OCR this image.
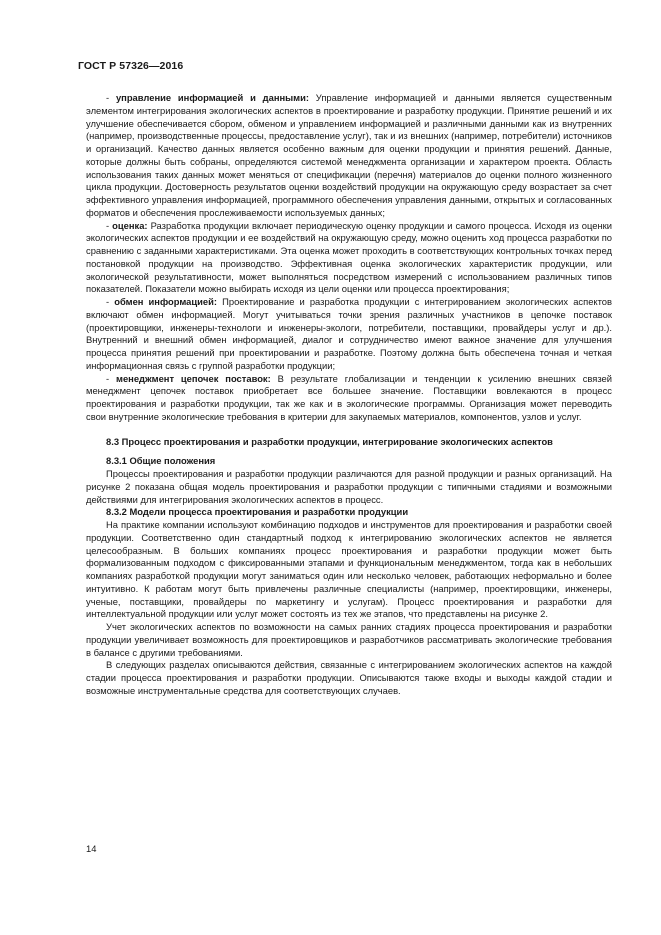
ГОСТ Р 57326—2016

- управление информацией и данными: Управление информацией и данными является существенным элементом интегрирования экологических аспектов в проектирование и разработку продукции. Принятие решений и их улучшение обеспечивается сбором, обменом и управлением информацией и различными данными как из внутренних (например, производственные процессы, предоставление услуг), так и из внешних (например, потребители) источников и организаций. Качество данных является особенно важным для оценки продукции и принятия решений. Данные, которые должны быть собраны, определяются системой менеджмента организации и характером проекта. Область использования таких данных может меняться от спецификации (перечня) материалов до оценки полного жизненного цикла продукции. Достоверность результатов оценки воздействий продукции на окружающую среду возрастает за счет эффективного управления информацией, программного обеспечения управления данными, открытых и согласованных форматов и обеспечения прослеживаемости используемых данных;

- оценка: Разработка продукции включает периодическую оценку продукции и самого процесса. Исходя из оценки экологических аспектов продукции и ее воздействий на окружающую среду, можно оценить ход процесса разработки по сравнению с заданными характеристиками. Эта оценка может проходить в соответствующих контрольных точках перед постановкой продукции на производство. Эффективная оценка экологических характеристик продукции, или экологической результативности, может выполняться посредством измерений с использованием различных типов показателей. Показатели можно выбирать исходя из цели оценки или процесса проектирования;

- обмен информацией: Проектирование и разработка продукции с интегрированием экологических аспектов включают обмен информацией. Могут учитываться точки зрения различных участников в цепочке поставок (проектировщики, инженеры-технологи и инженеры-экологи, потребители, поставщики, провайдеры услуг и др.). Внутренний и внешний обмен информацией, диалог и сотрудничество имеют важное значение для улучшения процесса принятия решений при проектировании и разработке. Поэтому должна быть обеспечена точная и четкая информационная связь с группой разработки продукции;

- менеджмент цепочек поставок: В результате глобализации и тенденции к усилению внешних связей менеджмент цепочек поставок приобретает все большее значение. Поставщики вовлекаются в процесс проектирования и разработки продукции, так же как и в экологические программы. Организация может переводить свои внутренние экологические требования в критерии для закупаемых материалов, компонентов, узлов и услуг.

8.3 Процесс проектирования и разработки продукции, интегрирование экологических аспектов
8.3.1 Общие положения

Процессы проектирования и разработки продукции различаются для разной продукции и разных организаций. На рисунке 2 показана общая модель проектирования и разработки продукции с типичными стадиями и возможными действиями для интегрирования экологических аспектов в процесс.

8.3.2 Модели процесса проектирования и разработки продукции

На практике компании используют комбинацию подходов и инструментов для проектирования и разработки своей продукции. Соответственно один стандартный подход к интегрированию экологических аспектов не является целесообразным. В больших компаниях процесс проектирования и разработки продукции может быть формализованным подходом с фиксированными этапами и функциональным менеджментом, тогда как в небольших компаниях разработкой продукции могут заниматься один или несколько человек, работающих неформально и более интуитивно. К работам могут быть привлечены различные специалисты (например, проектировщики, инженеры, ученые, поставщики, провайдеры по маркетингу и услугам). Процесс проектирования и разработки для интеллектуальной продукции или услуг может состоять из тех же этапов, что представлены на рисунке 2.

Учет экологических аспектов по возможности на самых ранних стадиях процесса проектирования и разработки продукции увеличивает возможность для проектировщиков и разработчиков рассматривать экологические требования в балансе с другими требованиями.

В следующих разделах описываются действия, связанные с интегрированием экологических аспектов на каждой стадии процесса проектирования и разработки продукции. Описываются также входы и выходы каждой стадии и возможные инструментальные средства для соответствующих случаев.

14
